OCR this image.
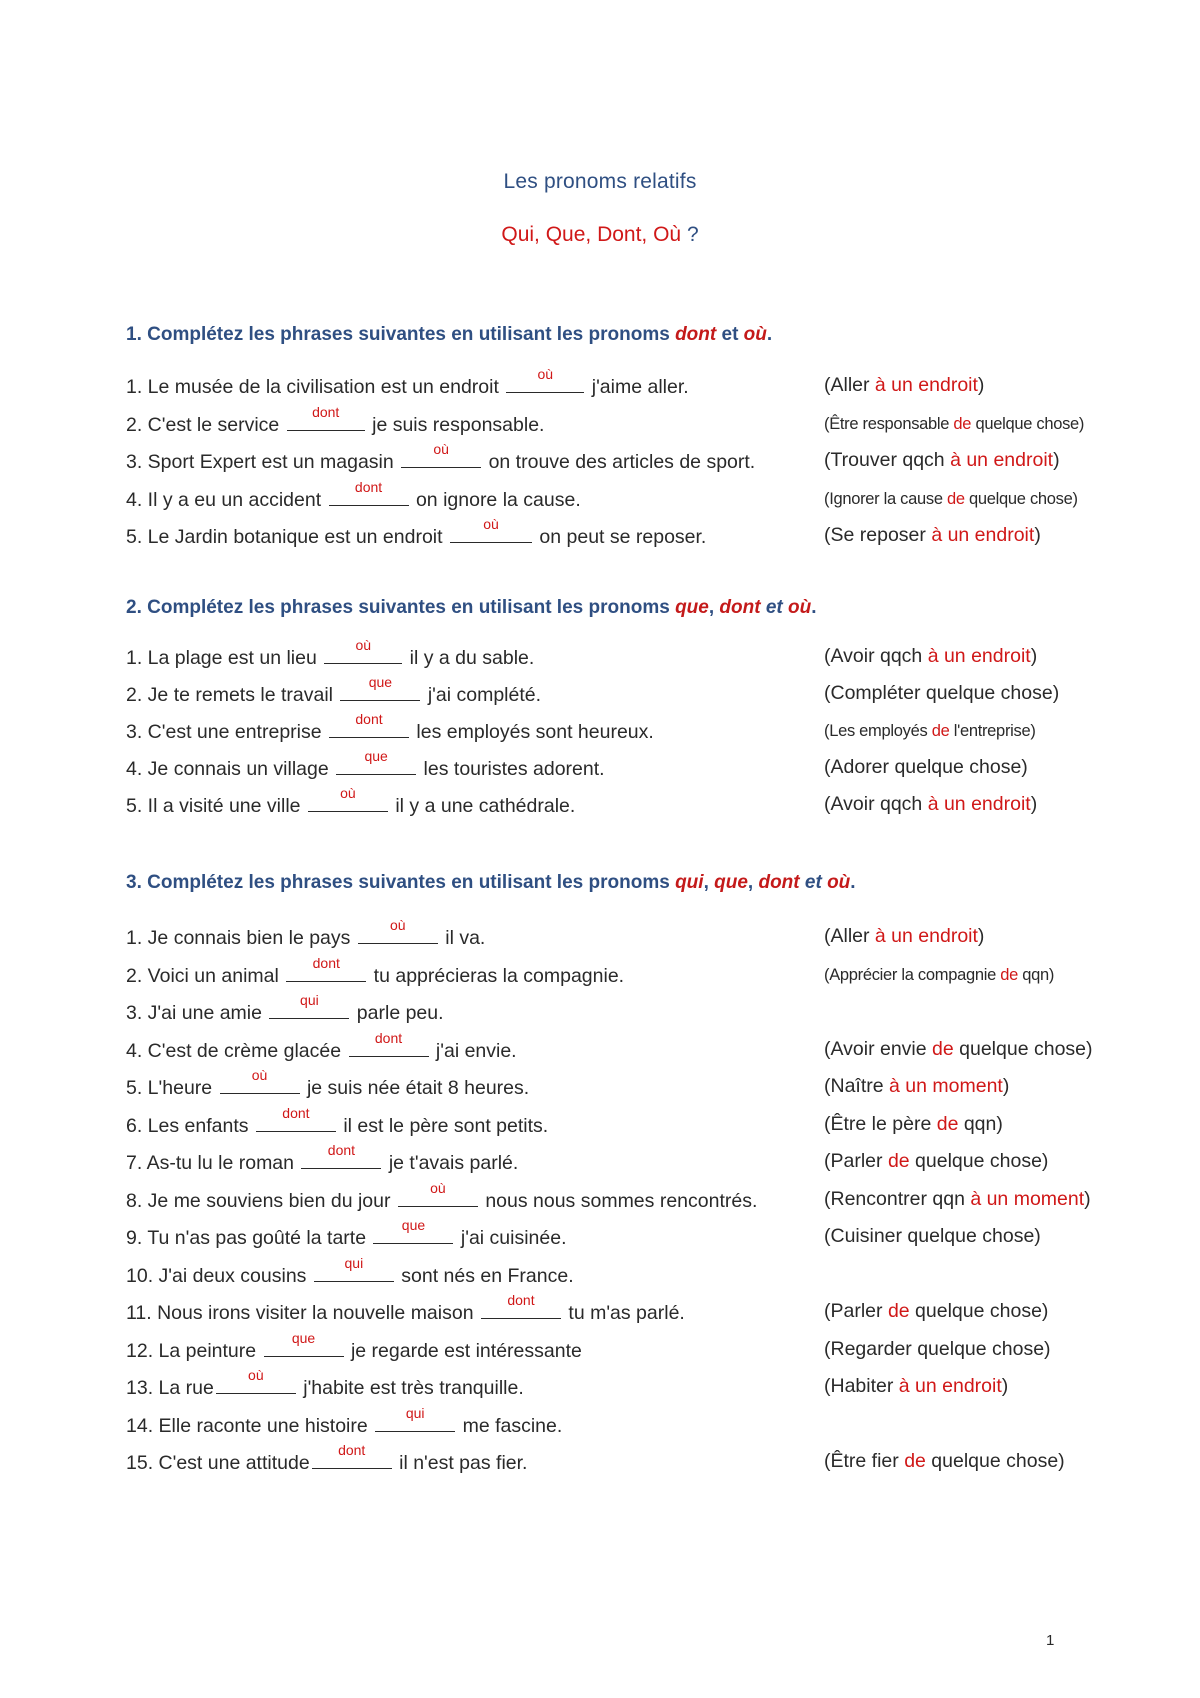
Les pronoms relatifs
Qui, Que, Dont, Où ?
1. Complétez les phrases suivantes en utilisant les pronoms dont et où.
2. Complétez les phrases suivantes en utilisant les pronoms que, dont et où.
3. Complétez les phrases suivantes en utilisant les pronoms qui, que, dont et où.
1. Le musée de la civilisation est un endroit
où
j'aime aller.	(Aller à un endroit)
2. C'est le service
dont
je suis responsable.	(Être responsable de quelque chose)
3. Sport Expert est un magasin
où
on trouve des articles de sport.	(Trouver qqch à un endroit)
4. Il y a eu un accident
dont
on ignore la cause.	(Ignorer la cause de quelque chose)
5. Le Jardin botanique est un endroit
où
on peut se reposer.	(Se reposer à un endroit)
1. La plage est un lieu
où
il y a du sable.	(Avoir qqch à un endroit)
2. Je te remets le travail
que
j'ai complété.	(Compléter quelque chose)
3. C'est une entreprise
dont
les employés sont heureux.	(Les employés de l'entreprise)
4. Je connais un village
que
les touristes adorent.	(Adorer quelque chose)
5. Il a visité une ville
où
il y a une cathédrale.	(Avoir qqch à un endroit)
1. Je connais bien le pays
où
il va.	(Aller à un endroit)
2. Voici un animal
dont
tu apprécieras la compagnie.	(Apprécier la compagnie de qqn)
3. J'ai une amie
qui
parle peu.
4. C'est de crème glacée
dont
j'ai envie.	(Avoir envie de quelque chose)
5. L'heure
où
je suis née était 8 heures.	(Naître à un moment)
6. Les enfants
dont
il est le père sont petits.	(Être le père de qqn)
7. As-tu lu le roman
dont
je t'avais parlé.	(Parler de quelque chose)
8. Je me souviens bien du jour
où
nous nous sommes rencontrés.	(Rencontrer qqn à un moment)
9. Tu n'as pas goûté la tarte
que
j'ai cuisinée.	(Cuisiner quelque chose)
10. J'ai deux cousins
qui
sont nés en France.
11. Nous irons visiter la nouvelle maison
dont
tu m'as parlé.	(Parler de quelque chose)
12. La peinture
que
je regarde est intéressante	(Regarder quelque chose)
13. La rue
où
j'habite est très tranquille.	(Habiter à un endroit)
14. Elle raconte une histoire
qui
me fascine.
15. C'est une attitude
dont
il n'est pas fier.	(Être fier de quelque chose)
1
